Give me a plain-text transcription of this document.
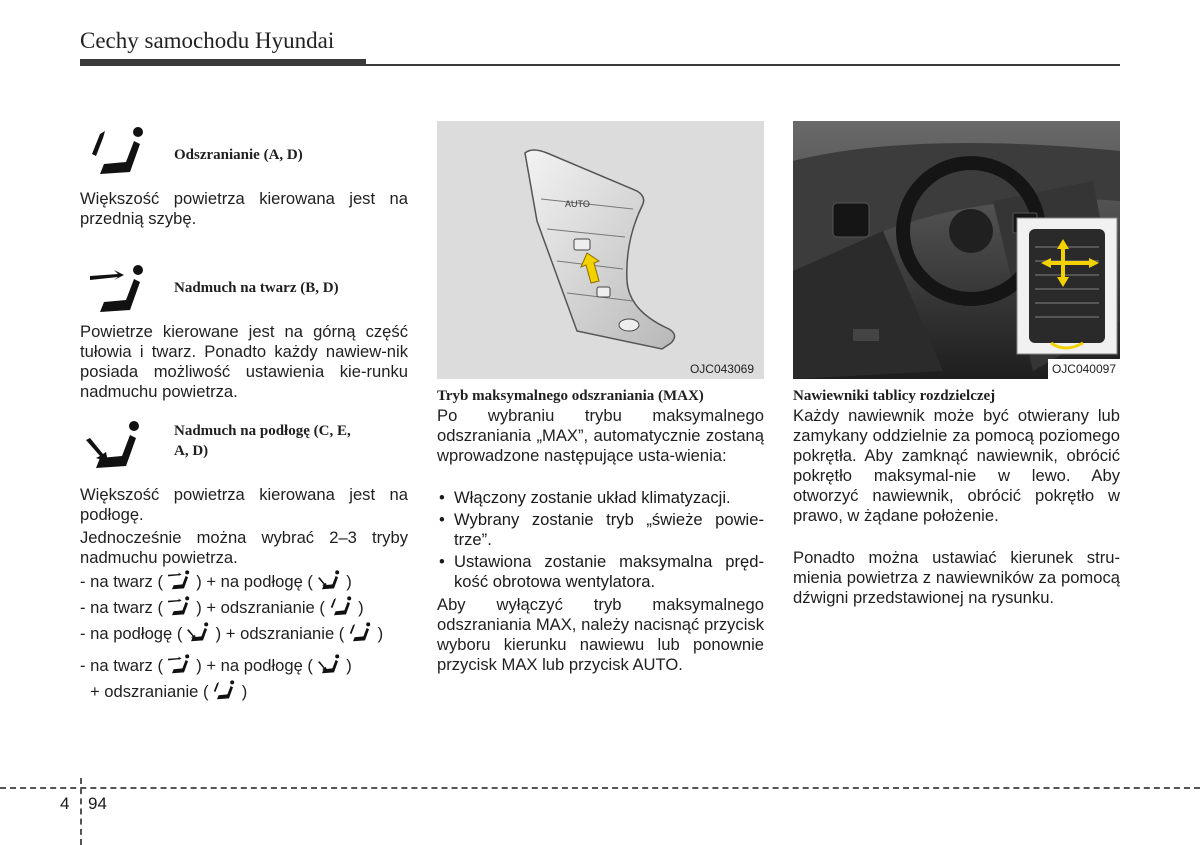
Cechy samochodu Hyundai
Odszranianie (A, D)
Większość powietrza kierowana jest na przednią szybę.
Nadmuch na twarz (B, D)
Powietrze kierowane jest na górną część tułowia i twarz. Ponadto każdy nawiew-nik posiada możliwość ustawienia kie-runku nadmuchu powietrza.
Nadmuch na podłogę (C, E,
A, D)
Większość powietrza kierowana jest na podłogę.
Jednocześnie można wybrać 2–3 tryby nadmuchu powietrza.
- na twarz ( ) + na podłogę ( )
- na twarz ( ) + odszranianie ( )
- na podłogę ( ) + odszranianie ( )
- na twarz ( ) + na podłogę ( )
+ odszranianie ( )
AUTO
OJC043069
Tryb maksymalnego odszraniania (MAX)
Po wybraniu trybu maksymalnego odszraniania „MAX”, automatycznie zostaną wprowadzone następujące usta-wienia:
• Włączony zostanie układ klimatyzacji.
• Wybrany zostanie tryb „świeże powie-trze”.
• Ustawiona zostanie maksymalna pręd-kość obrotowa wentylatora.
Aby wyłączyć tryb maksymalnego odszraniania MAX, należy nacisnąć przycisk wyboru kierunku nawiewu lub ponownie przycisk MAX lub przycisk AUTO.
OJC040097
Nawiewniki tablicy rozdzielczej
Każdy nawiewnik może być otwierany lub zamykany oddzielnie za pomocą poziomego pokrętła. Aby zamknąć nawiewnik, obrócić pokrętło maksymal-nie w lewo. Aby otworzyć nawiewnik, obrócić pokrętło w prawo, w żądane położenie.
Ponadto można ustawiać kierunek stru-mienia powietrza z nawiewników za pomocą dźwigni przedstawionej na rysunku.
4 94
